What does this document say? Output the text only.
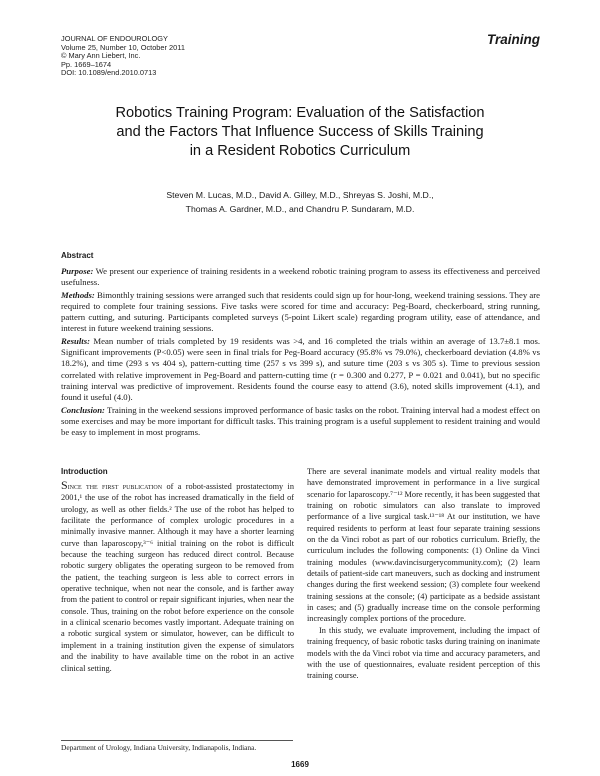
JOURNAL OF ENDOUROLOGY
Volume 25, Number 10, October 2011
© Mary Ann Liebert, Inc.
Pp. 1669–1674
DOI: 10.1089/end.2010.0713
Training
Robotics Training Program: Evaluation of the Satisfaction
and the Factors That Influence Success of Skills Training
in a Resident Robotics Curriculum
Steven M. Lucas, M.D., David A. Gilley, M.D., Shreyas S. Joshi, M.D.,
Thomas A. Gardner, M.D., and Chandru P. Sundaram, M.D.
Abstract

Purpose: We present our experience of training residents in a weekend robotic training program to assess its effectiveness and perceived usefulness.

Methods: Bimonthly training sessions were arranged such that residents could sign up for hour-long, weekend training sessions. They are required to complete four training sessions. Five tasks were scored for time and accuracy: Peg-Board, checkerboard, string running, pattern cutting, and suturing. Participants completed surveys (5-point Likert scale) regarding program utility, ease of attendance, and interest in future weekend training sessions.

Results: Mean number of trials completed by 19 residents was >4, and 16 completed the trials within an average of 13.7±8.1 mos. Significant improvements (P<0.05) were seen in final trials for Peg-Board accuracy (95.8% vs 79.0%), checkerboard deviation (4.8% vs 18.2%), and time (293 s vs 404 s), pattern-cutting time (257 s vs 399 s), and suture time (203 s vs 305 s). Time to previous session correlated with relative improvement in Peg-Board and pattern-cutting time (r = 0.300 and 0.277, P = 0.021 and 0.041), but no specific training interval was predictive of improvement. Residents found the course easy to attend (3.6), noted skills improvement (4.1), and found it useful (4.0).

Conclusion: Training in the weekend sessions improved performance of basic tasks on the robot. Training interval had a modest effect on some exercises and may be more important for difficult tasks. This training program is a useful supplement to resident training and would be easy to implement in most programs.

Introduction

Since the first publication of a robot-assisted prostatectomy in 2001,¹ the use of the robot has increased dramatically in the field of urology, as well as other fields.² The use of the robot has helped to facilitate the performance of complex urologic procedures in a minimally invasive manner. Although it may have a shorter learning curve than laparoscopy,³⁻⁶ initial training on the robot is difficult because the teaching surgeon has reduced direct control. Because robotic surgery obligates the operating surgeon to be removed from the patient, the teaching surgeon is less able to correct errors in operative technique, when not near the console, and is farther away from the patient to control or repair significant injuries, when near the console. Thus, training on the robot before experience on the console in a clinical scenario becomes vastly important. Adequate training on a robotic surgical system or simulator, however, can be difficult to implement in a training institution given the expense of simulators and the inability to have available time on the robot in an active clinical setting.

There are several inanimate models and virtual reality models that have demonstrated improvement in performance in a live surgical scenario for laparoscopy.⁷⁻¹² More recently, it has been suggested that training on robotic simulators can also translate to improved performance of a live surgical task.¹³⁻¹⁸ At our institution, we have required residents to perform at least four separate training sessions on the da Vinci robot as part of our robotics curriculum. Briefly, the curriculum includes the following components: (1) Online da Vinci training modules (www.davincisurgerycommunity.com); (2) learn details of patient-side cart maneuvers, such as docking and instrument changes during the first weekend session; (3) complete four weekend training sessions at the console; (4) participate as a bedside assistant in cases; and (5) gradually increase time on the console performing increasingly complex portions of the procedure.

In this study, we evaluate improvement, including the impact of training frequency, of basic robotic tasks during training on inanimate models with the da Vinci robot via time and accuracy parameters, and with the use of questionnaires, evaluate resident perception of this training course.

Department of Urology, Indiana University, Indianapolis, Indiana.
1669
